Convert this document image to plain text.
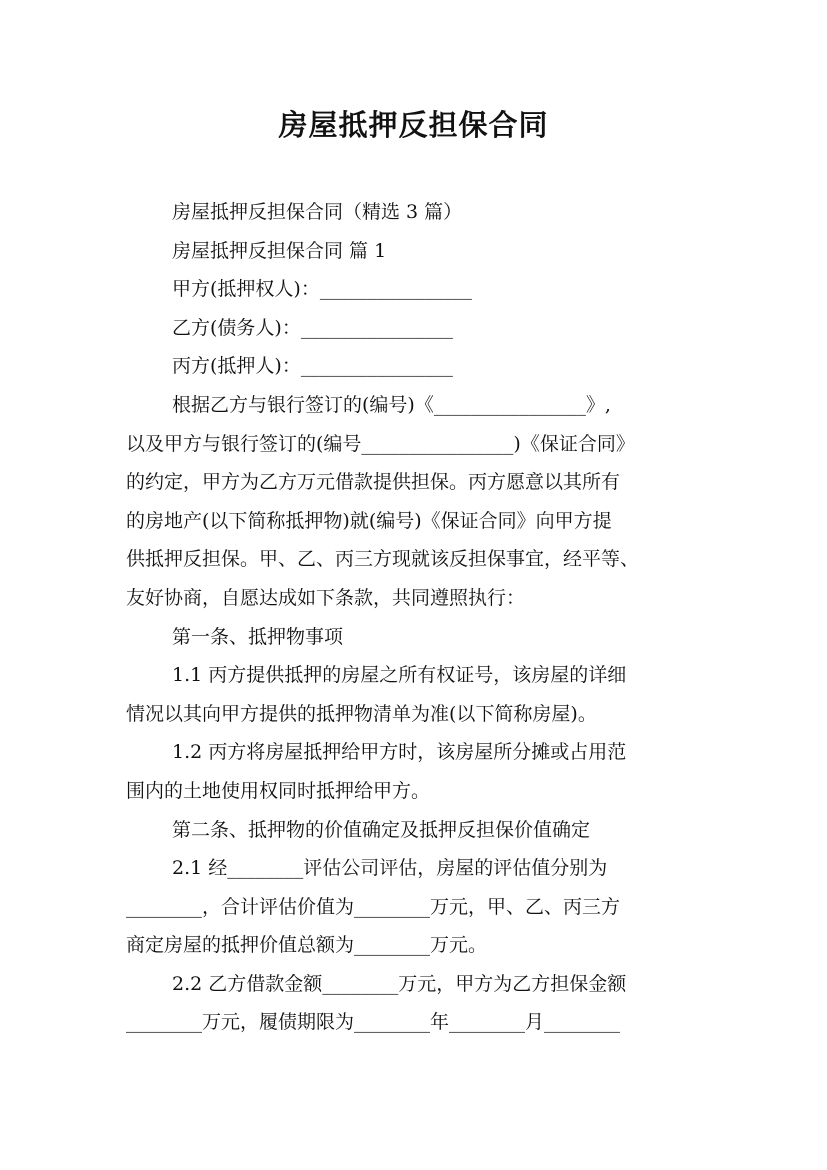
房屋抵押反担保合同
房屋抵押反担保合同（精选 3 篇）
房屋抵押反担保合同 篇 1
甲方(抵押权人)：________________
乙方(债务人)：________________
丙方(抵押人)：________________
根据乙方与银行签订的(编号)《________________》,
以及甲方与银行签订的(编号________________)《保证合同》
的约定，甲方为乙方万元借款提供担保。丙方愿意以其所有
的房地产(以下简称抵押物)就(编号)《保证合同》向甲方提
供抵押反担保。甲、乙、丙三方现就该反担保事宜，经平等、
友好协商，自愿达成如下条款，共同遵照执行：
第一条、抵押物事项
1.1 丙方提供抵押的房屋之所有权证号，该房屋的详细
情况以其向甲方提供的抵押物清单为准(以下简称房屋)。
1.2 丙方将房屋抵押给甲方时，该房屋所分摊或占用范
围内的土地使用权同时抵押给甲方。
第二条、抵押物的价值确定及抵押反担保价值确定
2.1 经________评估公司评估，房屋的评估值分别为
________，合计评估价值为________万元，甲、乙、丙三方
商定房屋的抵押价值总额为________万元。
2.2 乙方借款金额________万元，甲方为乙方担保金额
________万元，履债期限为________年________月________
